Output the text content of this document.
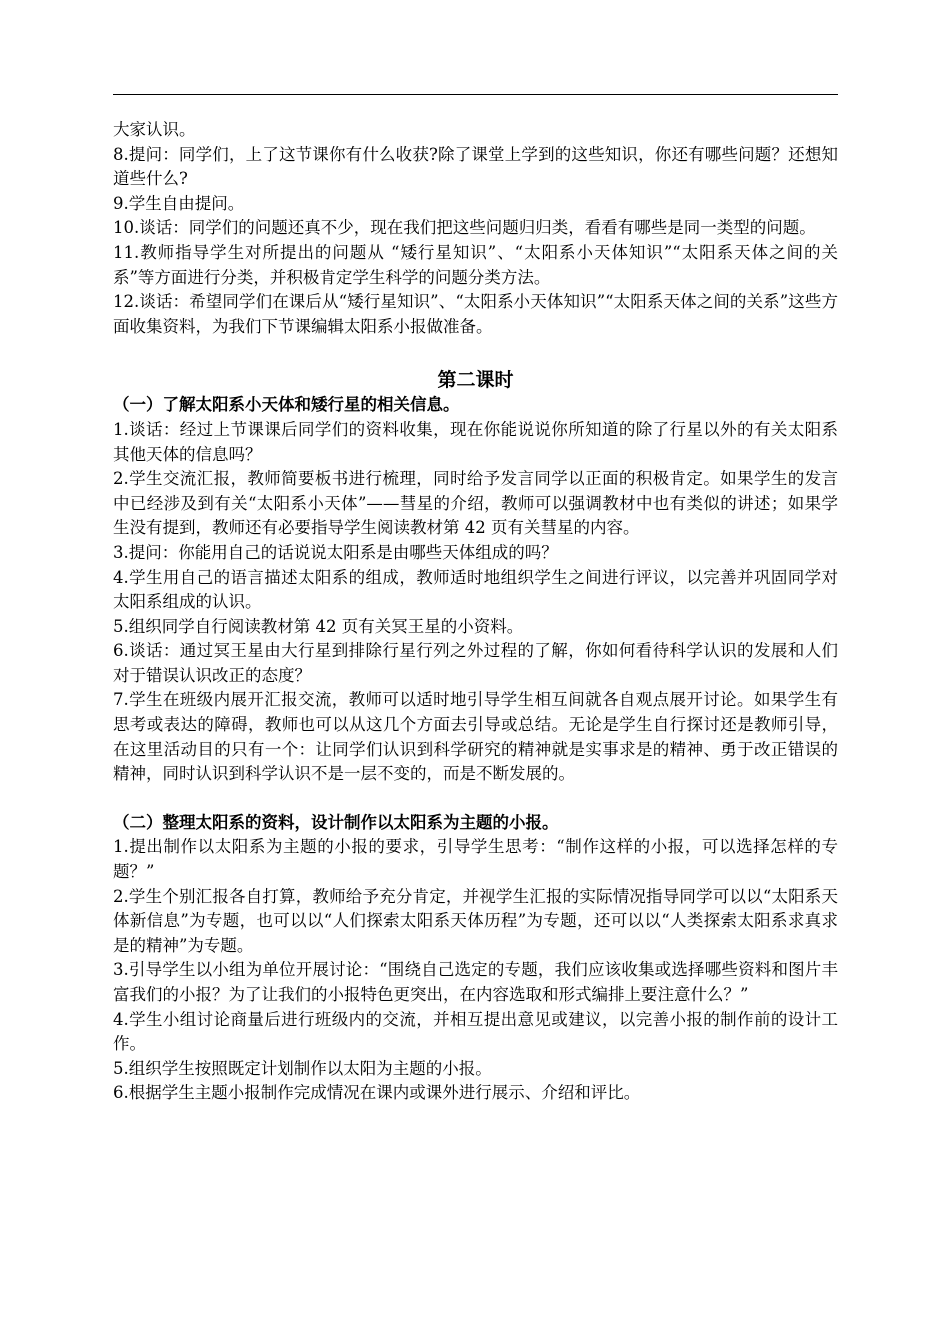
大家认识。

8.提问：同学们，上了这节课你有什么收获?除了课堂上学到的这些知识，你还有哪些问题？还想知道些什么?

9.学生自由提问。

10.谈话：同学们的问题还真不少，现在我们把这些问题归归类，看看有哪些是同一类型的问题。

11.教师指导学生对所提出的问题从 “矮行星知识”、“太阳系小天体知识”“太阳系天体之间的关系”等方面进行分类，并积极肯定学生科学的问题分类方法。

12.谈话：希望同学们在课后从“矮行星知识”、“太阳系小天体知识”“太阳系天体之间的关系”这些方面收集资料，为我们下节课编辑太阳系小报做准备。

第二课时

（一）了解太阳系小天体和矮行星的相关信息。

1.谈话：经过上节课课后同学们的资料收集，现在你能说说你所知道的除了行星以外的有关太阳系其他天体的信息吗？

2.学生交流汇报，教师简要板书进行梳理，同时给予发言同学以正面的积极肯定。如果学生的发言中已经涉及到有关“太阳系小天体”——彗星的介绍，教师可以强调教材中也有类似的讲述；如果学生没有提到，教师还有必要指导学生阅读教材第 42 页有关彗星的内容。

3.提问：你能用自己的话说说太阳系是由哪些天体组成的吗？

4.学生用自己的语言描述太阳系的组成，教师适时地组织学生之间进行评议，以完善并巩固同学对太阳系组成的认识。

5.组织同学自行阅读教材第 42 页有关冥王星的小资料。

6.谈话：通过冥王星由大行星到排除行星行列之外过程的了解，你如何看待科学认识的发展和人们对于错误认识改正的态度？

7.学生在班级内展开汇报交流，教师可以适时地引导学生相互间就各自观点展开讨论。如果学生有思考或表达的障碍，教师也可以从这几个方面去引导或总结。无论是学生自行探讨还是教师引导，在这里活动目的只有一个：让同学们认识到科学研究的精神就是实事求是的精神、勇于改正错误的精神，同时认识到科学认识不是一层不变的，而是不断发展的。

（二）整理太阳系的资料，设计制作以太阳系为主题的小报。

1.提出制作以太阳系为主题的小报的要求，引导学生思考：“制作这样的小报，可以选择怎样的专题？”

2.学生个别汇报各自打算，教师给予充分肯定，并视学生汇报的实际情况指导同学可以以“太阳系天体新信息”为专题，也可以以“人们探索太阳系天体历程”为专题，还可以以“人类探索太阳系求真求是的精神”为专题。

3.引导学生以小组为单位开展讨论：“围绕自己选定的专题，我们应该收集或选择哪些资料和图片丰富我们的小报？为了让我们的小报特色更突出，在内容选取和形式编排上要注意什么？”

4.学生小组讨论商量后进行班级内的交流，并相互提出意见或建议，以完善小报的制作前的设计工作。

5.组织学生按照既定计划制作以太阳为主题的小报。

6.根据学生主题小报制作完成情况在课内或课外进行展示、介绍和评比。
